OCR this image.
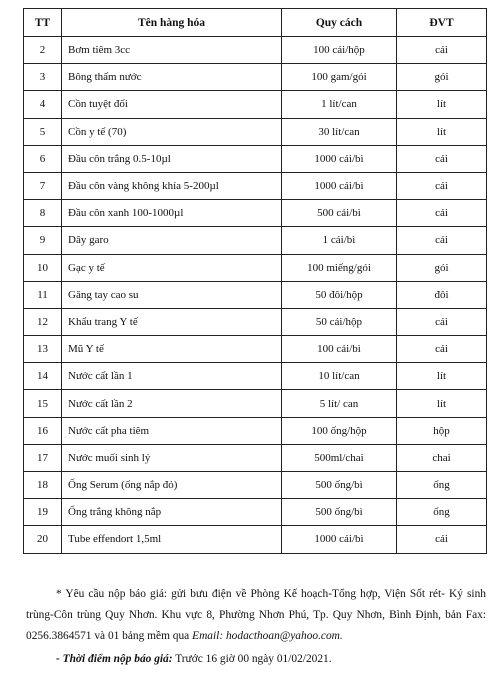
TT	Tên hàng hóa	Quy cách	ĐVT
2	Bơm tiêm 3cc	100 cái/hộp	cái
3	Bông thấm nước	100 gam/gói	gói
4	Cồn tuyệt đối	1 lít/can	lít
5	Cồn y tế (70)	30 lít/can	lít
6	Đầu côn trắng 0.5-10µl	1000 cái/bì	cái
7	Đầu côn vàng không khía 5-200µl	1000 cái/bì	cái
8	Đầu côn xanh 100-1000µl	500 cái/bì	cái
9	Dây garo	1 cái/bì	cái
10	Gạc y tế	100 miếng/gói	gói
11	Găng tay cao su	50 đôi/hộp	đôi
12	Khẩu trang Y tế	50 cái/hộp	cái
13	Mũ Y tế	100 cái/bì	cái
14	Nước cất lần 1	10 lít/can	lít
15	Nước cất lần 2	5 lít/ can	lít
16	Nước cất pha tiêm	100 ống/hộp	hộp
17	Nước muối sinh lý	500ml/chai	chai
18	Ống Serum (ống nắp đỏ)	500 ống/bì	ống
19	Ống trắng không nắp	500 ống/bì	ống
20	Tube effendort 1,5ml	1000 cái/bì	cái

* Yêu cầu nộp báo giá: gửi bưu điện về Phòng Kế hoạch-Tổng hợp, Viện Sốt rét- Ký sinh trùng-Côn trùng Quy Nhơn. Khu vực 8, Phường Nhơn Phú, Tp. Quy Nhơn, Bình Định, bản Fax: 0256.3864571 và 01 bảng mềm qua Email: hodacthoan@yahoo.com.

- Thời điểm nộp báo giá: Trước 16 giờ 00 ngày 01/02/2021.
